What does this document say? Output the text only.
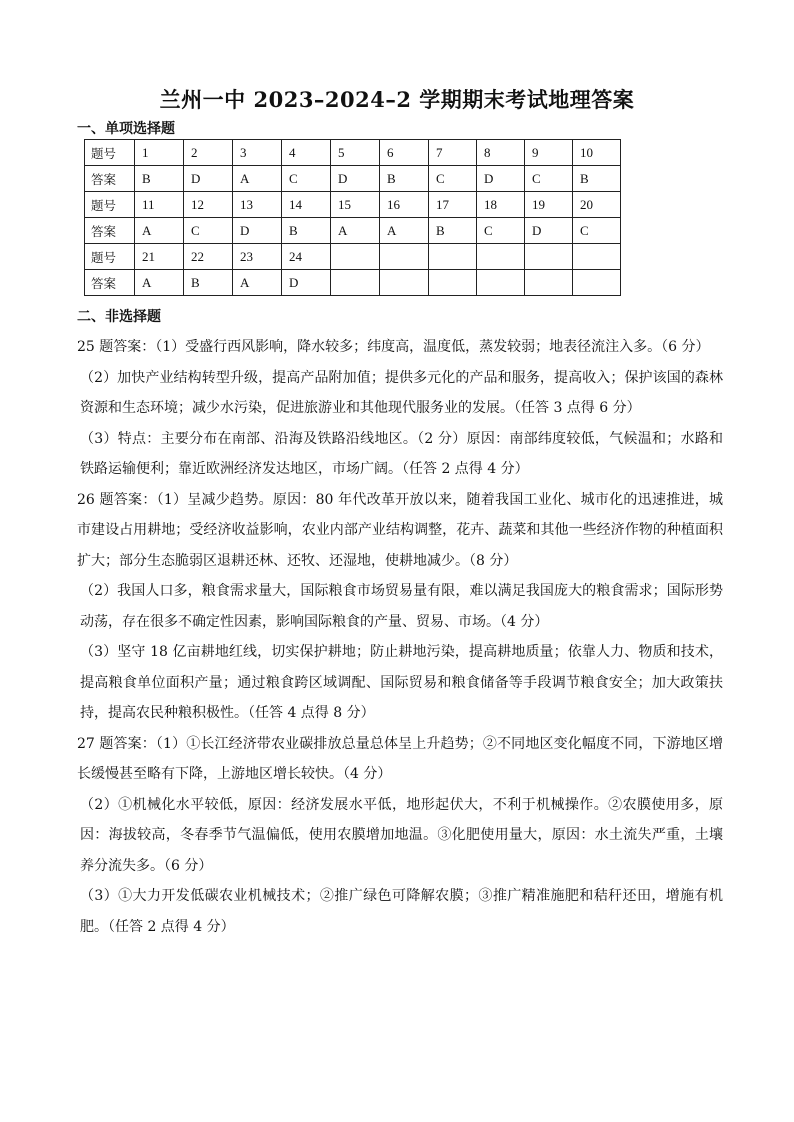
兰州一中 2023–2024–2 学期期末考试地理答案
一、单项选择题
题号	1	2	3	4	5	6	7	8	9	10
答案	B	D	A	C	D	B	C	D	C	B
题号	11	12	13	14	15	16	17	18	19	20
答案	A	C	D	B	A	A	B	C	D	C
题号	21	22	23	24						
答案	A	B	A	D						
二、非选择题

25 题答案：（1）受盛行西风影响，降水较多；纬度高，温度低，蒸发较弱；地表径流注入多。（6 分）

（2）加快产业结构转型升级，提高产品附加值；提供多元化的产品和服务，提高收入；保护该国的森林资源和生态环境；减少水污染，促进旅游业和其他现代服务业的发展。（任答 3 点得 6 分）

（3）特点：主要分布在南部、沿海及铁路沿线地区。（2 分）原因：南部纬度较低，气候温和；水路和铁路运输便利；靠近欧洲经济发达地区，市场广阔。（任答 2 点得 4 分）

26 题答案：（1）呈减少趋势。原因：80 年代改革开放以来，随着我国工业化、城市化的迅速推进，城市建设占用耕地；受经济收益影响，农业内部产业结构调整，花卉、蔬菜和其他一些经济作物的种植面积扩大；部分生态脆弱区退耕还林、还牧、还湿地，使耕地减少。（8 分）

（2）我国人口多，粮食需求量大，国际粮食市场贸易量有限，难以满足我国庞大的粮食需求；国际形势动荡，存在很多不确定性因素，影响国际粮食的产量、贸易、市场。（4 分）

（3）坚守 18 亿亩耕地红线，切实保护耕地；防止耕地污染，提高耕地质量；依靠人力、物质和技术，提高粮食单位面积产量；通过粮食跨区域调配、国际贸易和粮食储备等手段调节粮食安全；加大政策扶持，提高农民种粮积极性。（任答 4 点得 8 分）

27 题答案：（1）①长江经济带农业碳排放总量总体呈上升趋势；②不同地区变化幅度不同，下游地区增长缓慢甚至略有下降，上游地区增长较快。（4 分）

（2）①机械化水平较低，原因：经济发展水平低，地形起伏大，不利于机械操作。②农膜使用多，原因：海拔较高，冬春季节气温偏低，使用农膜增加地温。③化肥使用量大，原因：水土流失严重，土壤养分流失多。（6 分）

（3）①大力开发低碳农业机械技术；②推广绿色可降解农膜；③推广精准施肥和秸秆还田，增施有机肥。（任答 2 点得 4 分）
